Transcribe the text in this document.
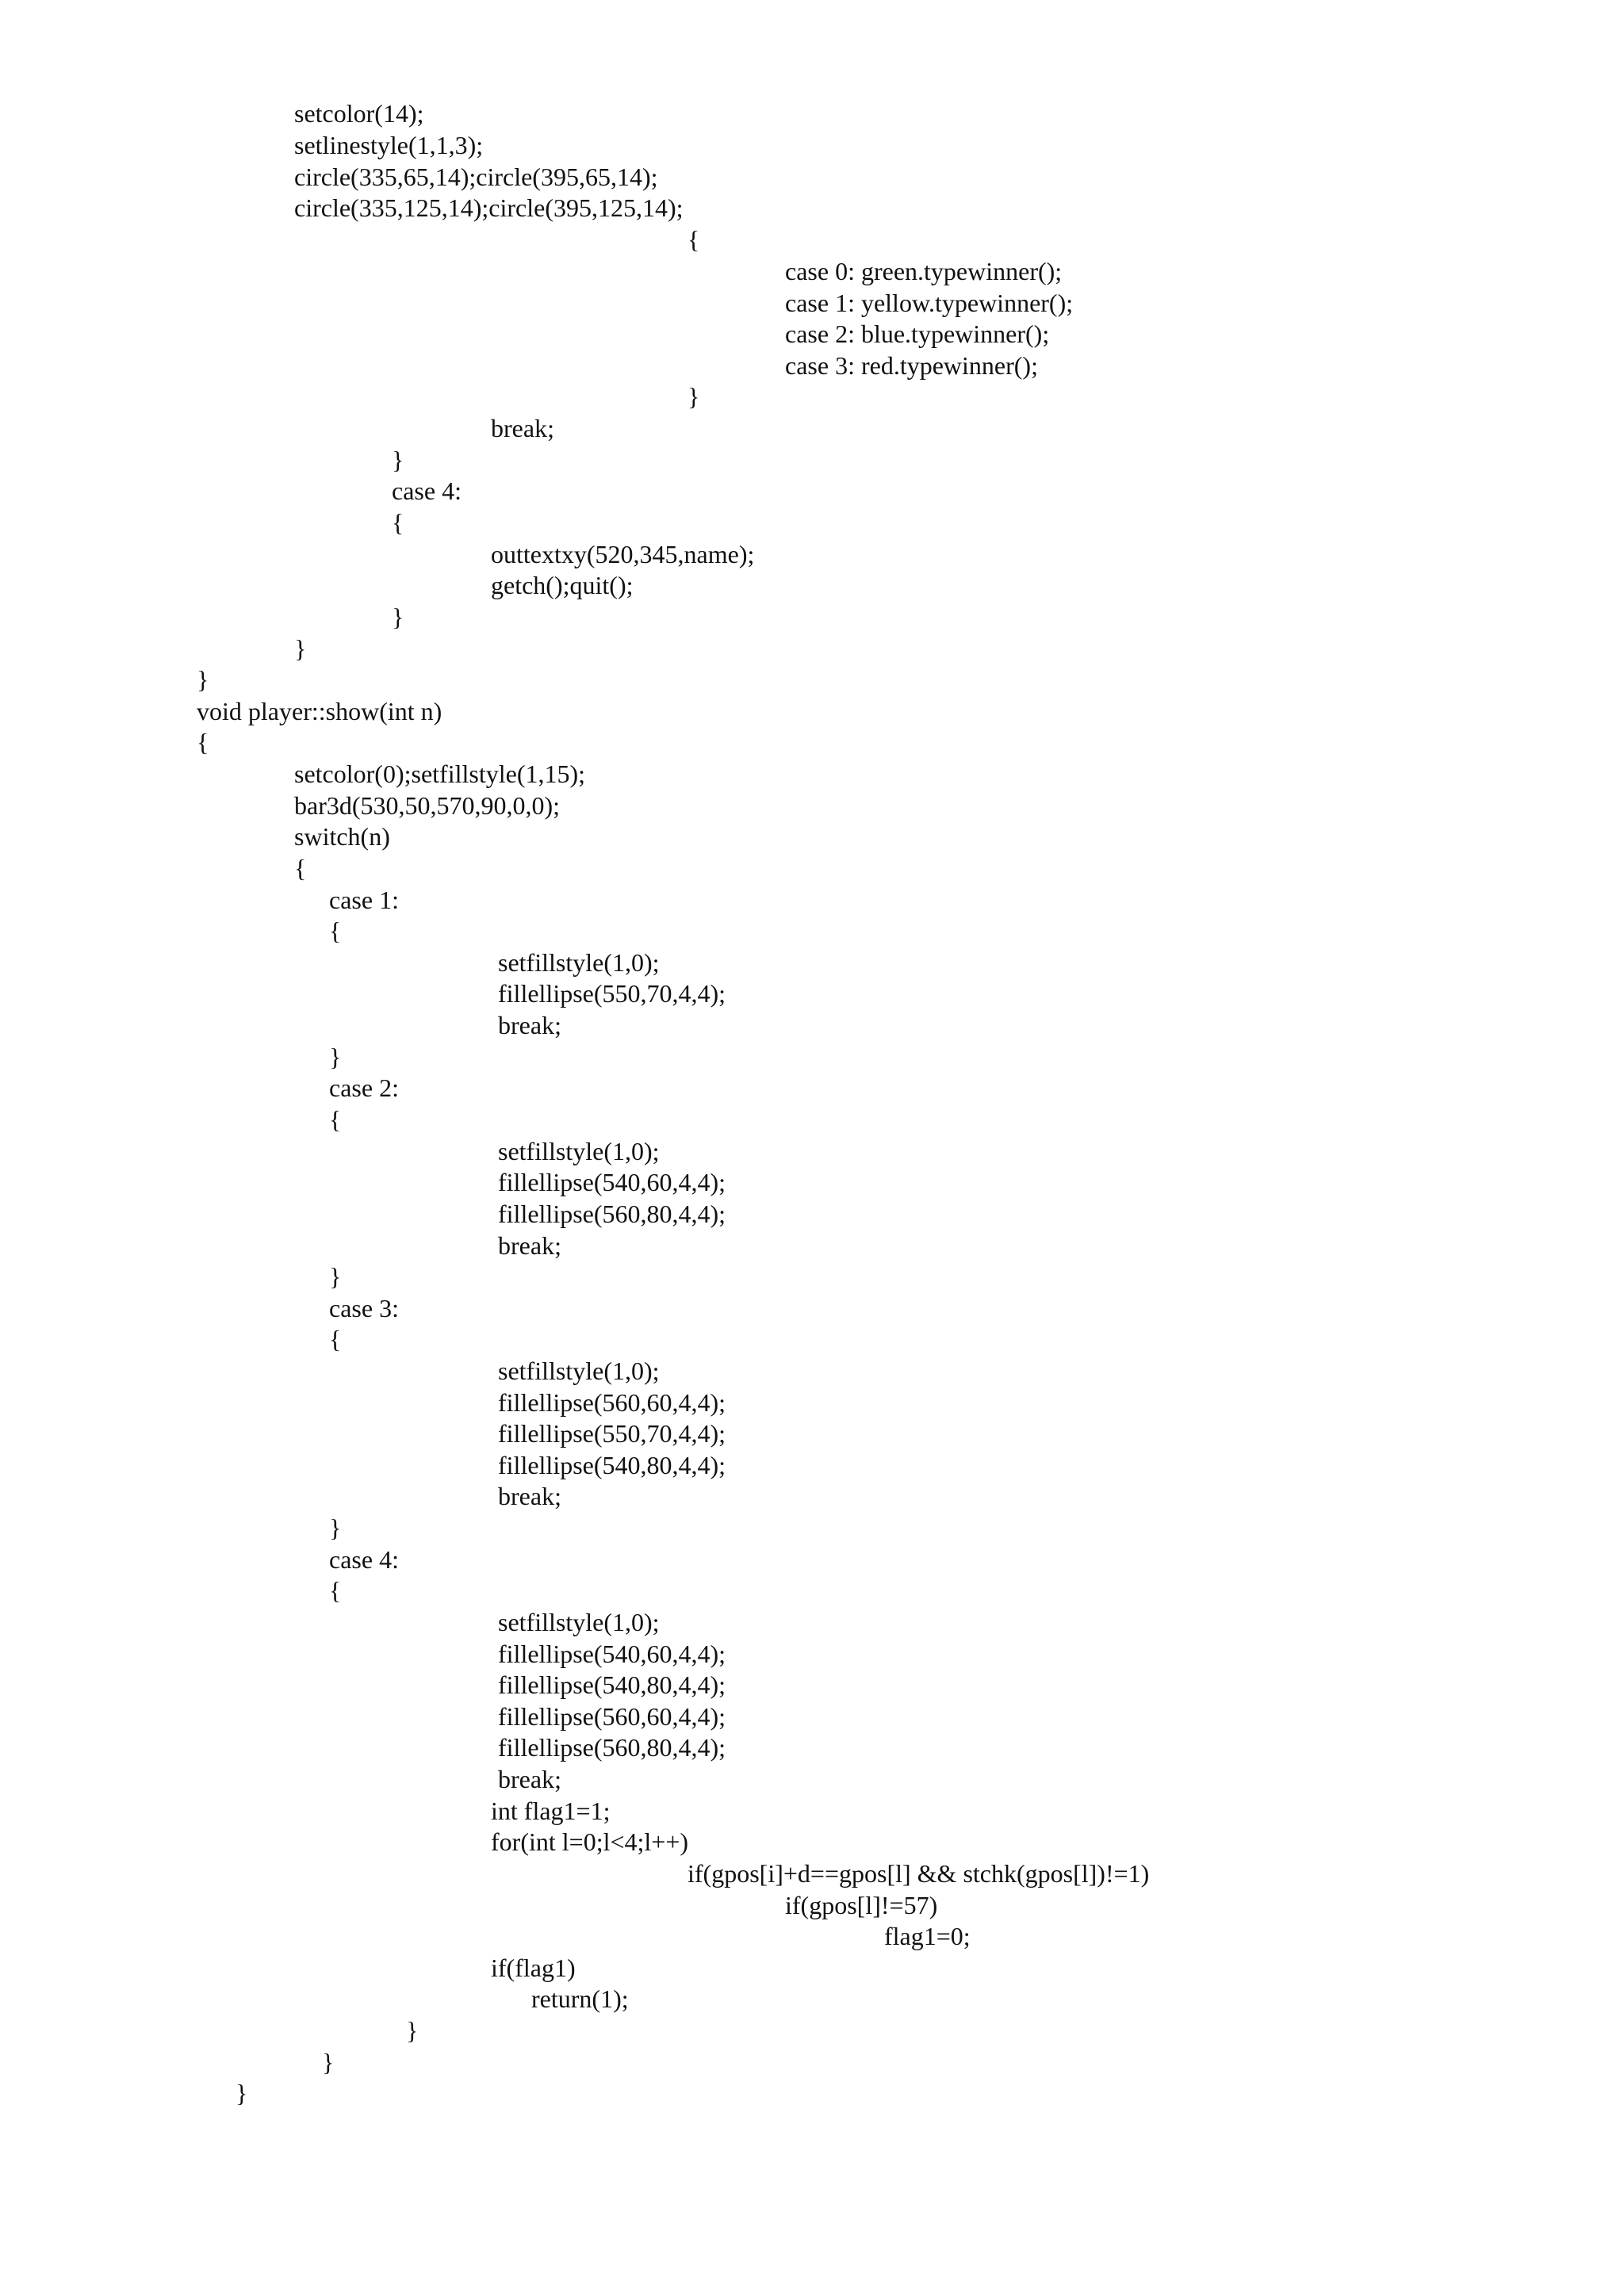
setcolor(14);
setlinestyle(1,1,3);
circle(335,65,14);circle(395,65,14);
circle(335,125,14);circle(395,125,14);
{
case 0: green.typewinner();
case 1: yellow.typewinner();
case 2: blue.typewinner();
case 3: red.typewinner();
}
break;
}
case 4:
{
outtextxy(520,345,name);
getch();quit();
}
}
}
void player::show(int n)
{
setcolor(0);setfillstyle(1,15);
bar3d(530,50,570,90,0,0);
switch(n)
{
case 1:
{
setfillstyle(1,0);
fillellipse(550,70,4,4);
break;
}
case 2:
{
setfillstyle(1,0);
fillellipse(540,60,4,4);
fillellipse(560,80,4,4);
break;
}
case 3:
{
setfillstyle(1,0);
fillellipse(560,60,4,4);
fillellipse(550,70,4,4);
fillellipse(540,80,4,4);
break;
}
case 4:
{
setfillstyle(1,0);
fillellipse(540,60,4,4);
fillellipse(540,80,4,4);
fillellipse(560,60,4,4);
fillellipse(560,80,4,4);
break;
int flag1=1;
for(int l=0;l<4;l++)
if(gpos[i]+d==gpos[l] && stchk(gpos[l])!=1)
if(gpos[l]!=57)
flag1=0;
if(flag1)
return(1);
}
}
}
